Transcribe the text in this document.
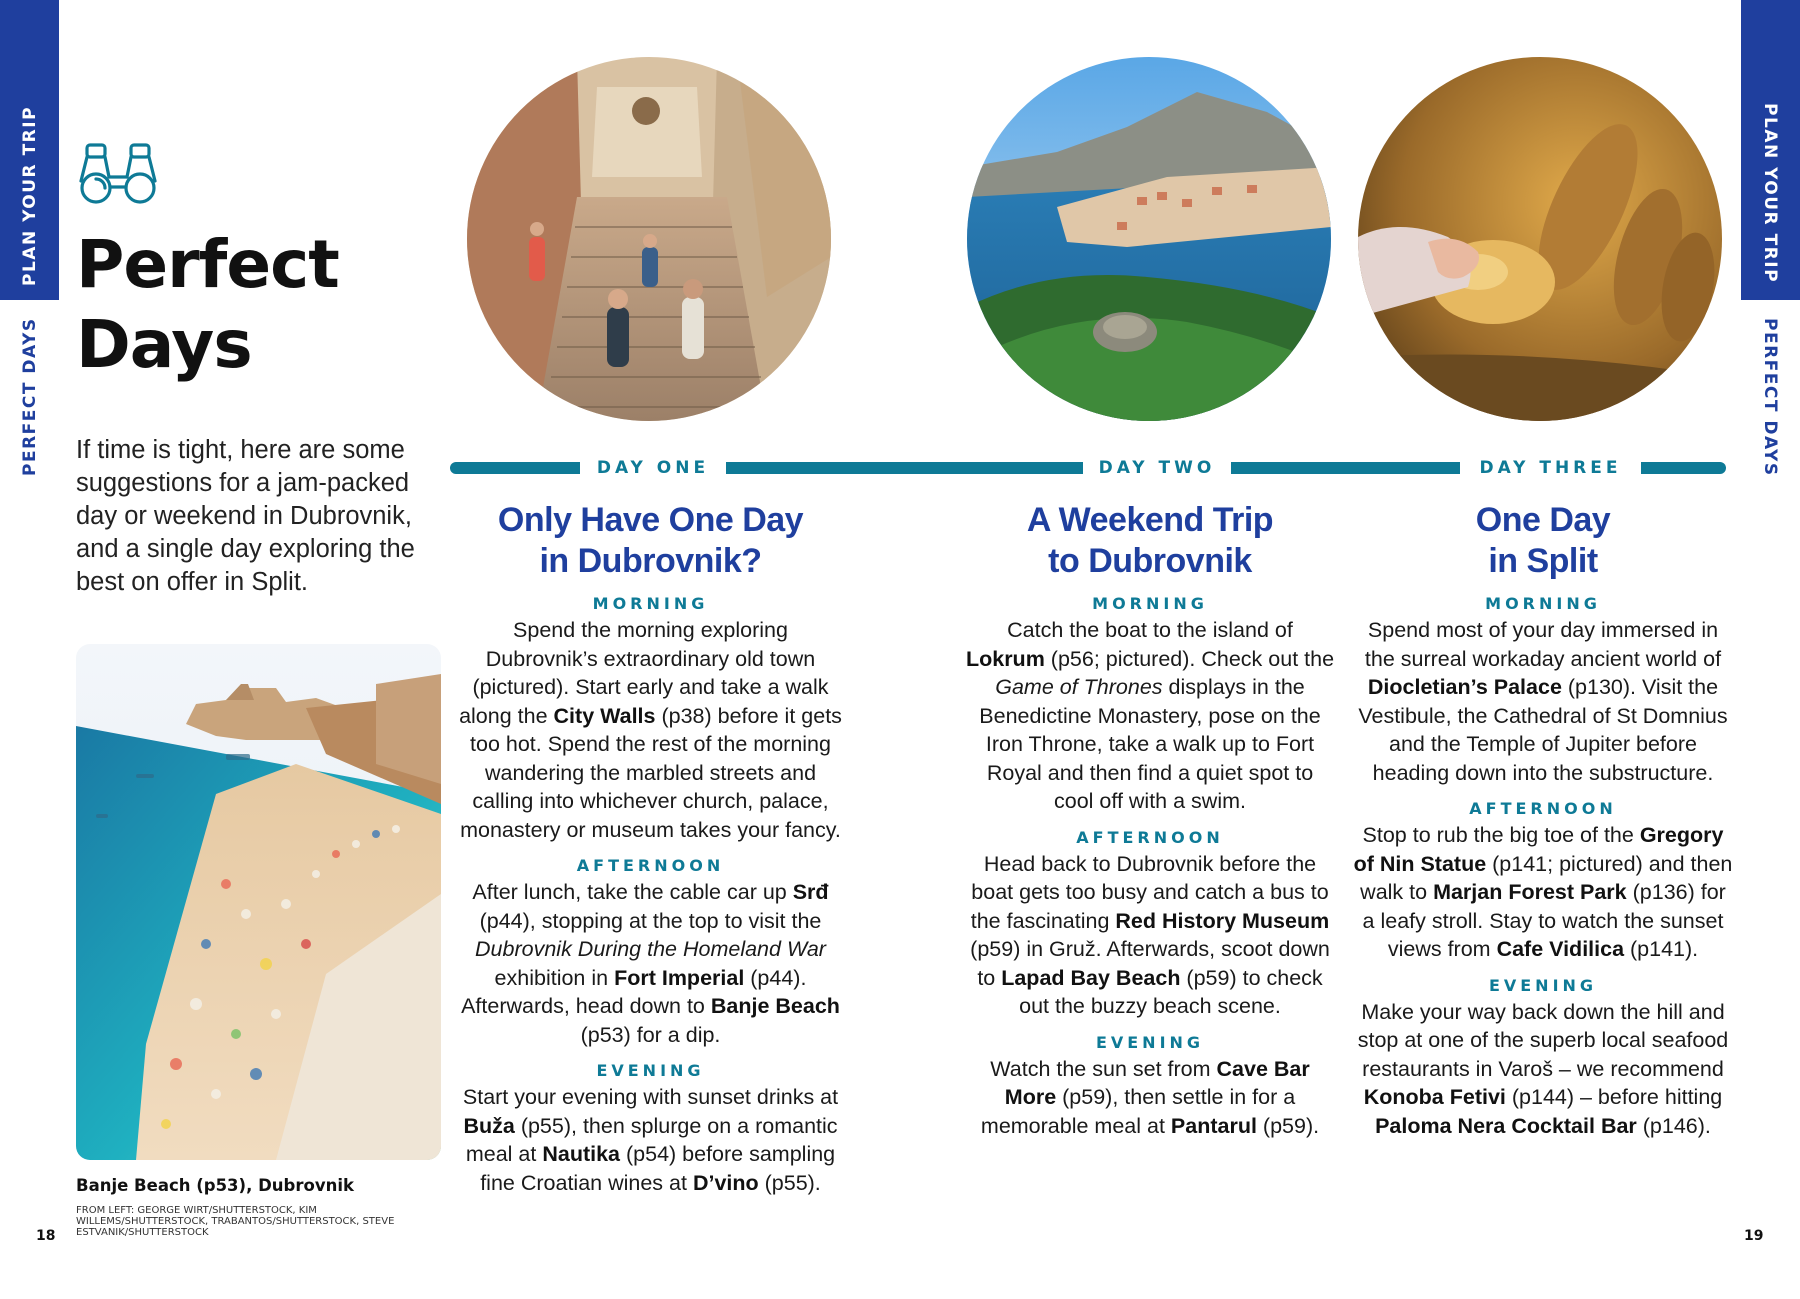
PLAN YOUR TRIP
PERFECT DAYS
PLAN YOUR TRIP
PERFECT DAYS
Perfect
Days

If time is tight, here are some suggestions for a jam-packed day or weekend in Dubrovnik, and a single day exploring the best on offer in Split.

Banje Beach (p53), Dubrovnik

FROM LEFT: GEORGE WIRT/SHUTTERSTOCK, KIM WILLEMS/SHUTTERSTOCK, TRABANTOS/SHUTTERSTOCK, STEVE ESTVANIK/SHUTTERSTOCK

18	19
DAY ONE	DAY TWO	DAY THREE
Only Have One Day
in Dubrovnik?
MORNING

Spend the morning exploring Dubrovnik’s extraordinary old town (pictured). Start early and take a walk along the City Walls (p38) before it gets too hot. Spend the rest of the morning wandering the marbled streets and calling into whichever church, palace, monastery or museum takes your fancy.

AFTERNOON

After lunch, take the cable car up Srđ (p44), stopping at the top to visit the Dubrovnik During the Homeland War exhibition in Fort Imperial (p44). Afterwards, head down to Banje Beach (p53) for a dip.

EVENING

Start your evening with sunset drinks at Buža (p55), then splurge on a romantic meal at Nautika (p54) before sampling fine Croatian wines at D’vino (p55).

A Weekend Trip
to Dubrovnik
MORNING

Catch the boat to the island of Lokrum (p56; pictured). Check out the Game of Thrones displays in the Benedictine Monastery, pose on the Iron Throne, take a walk up to Fort Royal and then find a quiet spot to cool off with a swim.

AFTERNOON

Head back to Dubrovnik before the boat gets too busy and catch a bus to the fascinating Red History Museum (p59) in Gruž. Afterwards, scoot down to Lapad Bay Beach (p59) to check out the buzzy beach scene.

EVENING

Watch the sun set from Cave Bar More (p59), then settle in for a memorable meal at Pantarul (p59).

One Day
in Split
MORNING

Spend most of your day immersed in the surreal workaday ancient world of Diocletian’s Palace (p130). Visit the Vestibule, the Cathedral of St Domnius and the Temple of Jupiter before heading down into the substructure.

AFTERNOON

Stop to rub the big toe of the Gregory of Nin Statue (p141; pictured) and then walk to Marjan Forest Park (p136) for a leafy stroll. Stay to watch the sunset views from Cafe Vidilica (p141).

EVENING

Make your way back down the hill and stop at one of the superb local seafood restaurants in Varoš – we recommend Konoba Fetivi (p144) – before hitting Paloma Nera Cocktail Bar (p146).
